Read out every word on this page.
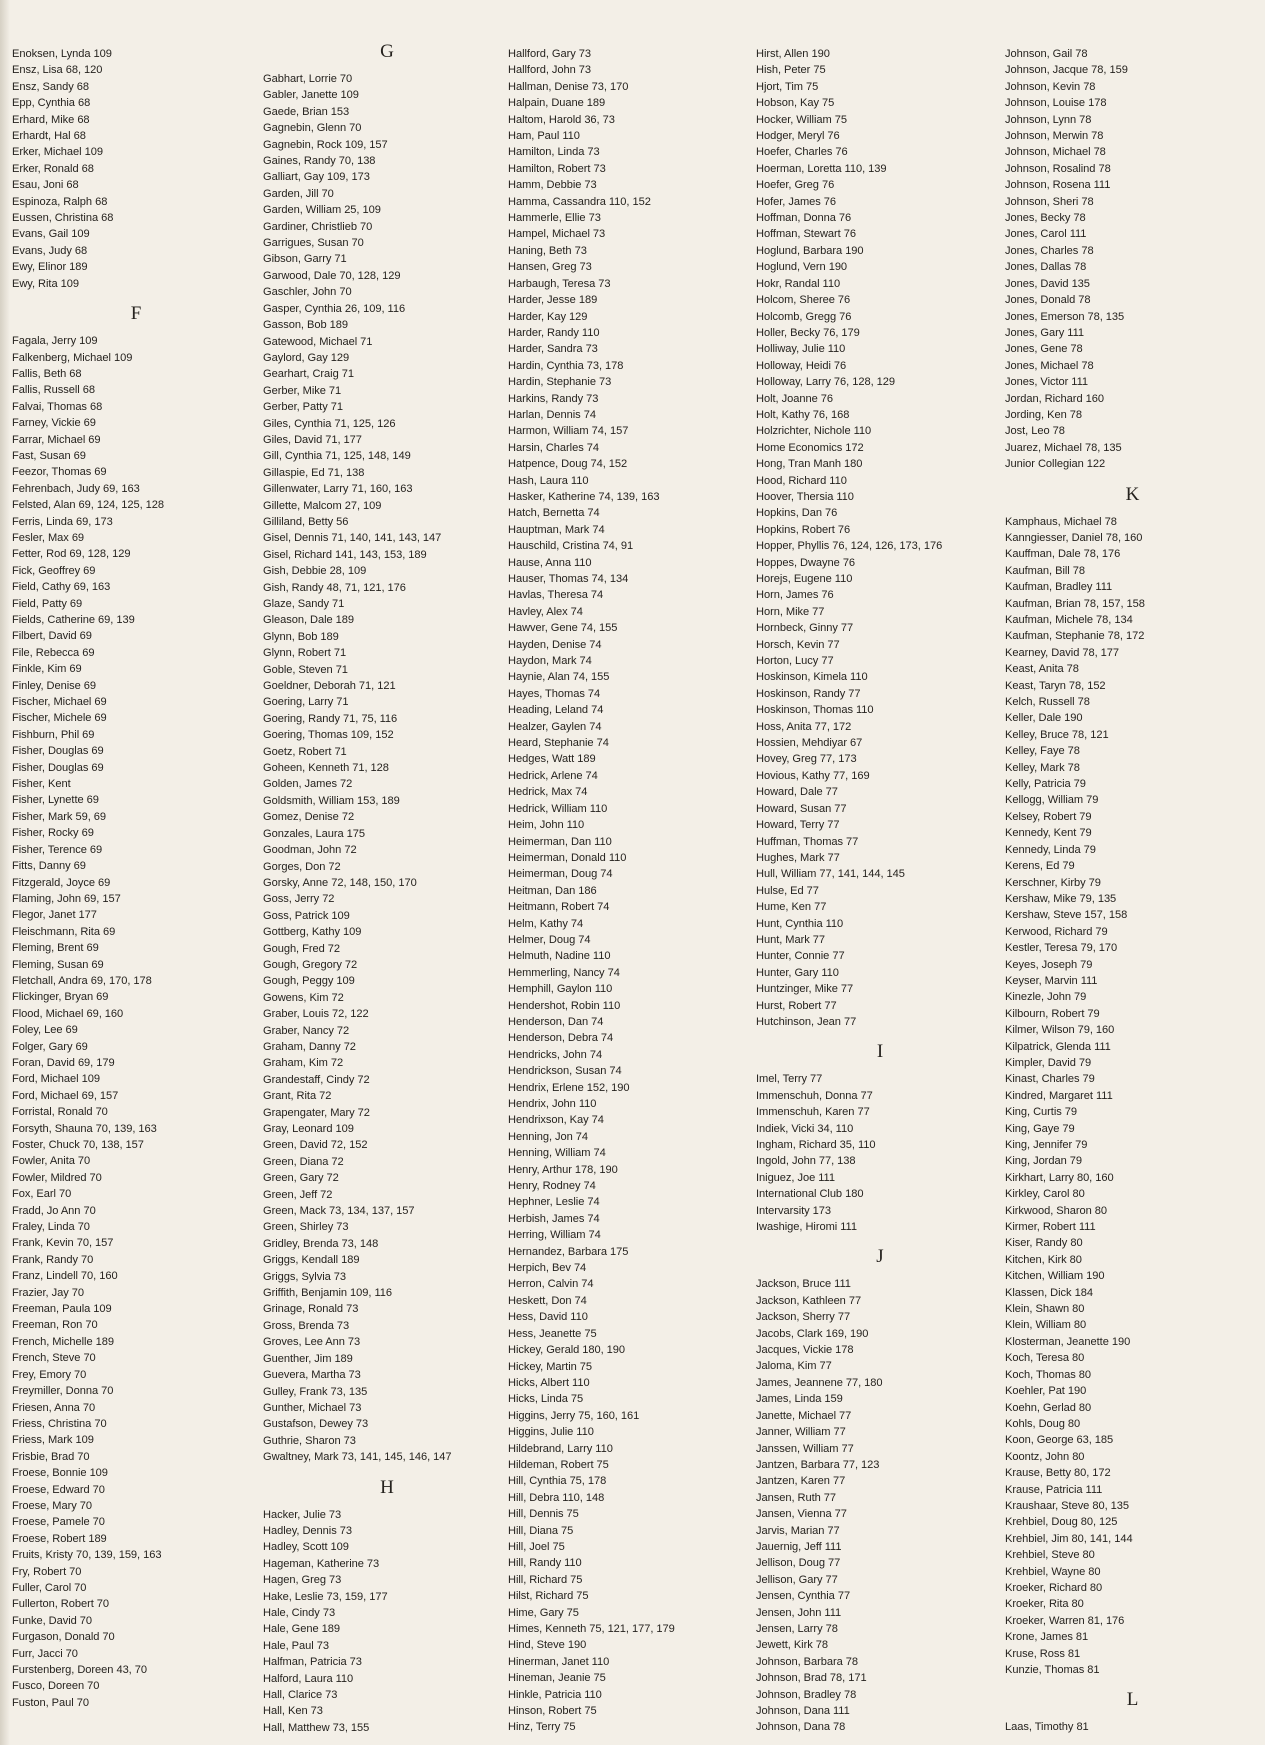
Enoksen, Lynda 109
Ensz, Lisa 68, 120
Ensz, Sandy 68
Epp, Cynthia 68
Erhard, Mike 68
Erhardt, Hal 68
Erker, Michael 109
Erker, Ronald 68
Esau, Joni 68
Espinoza, Ralph 68
Eussen, Christina 68
Evans, Gail 109
Evans, Judy 68
Ewy, Elinor 189
Ewy, Rita 109
F
Fagala, Jerry 109
Falkenberg, Michael 109
Fallis, Beth 68
Fallis, Russell 68
Falvai, Thomas 68
Farney, Vickie 69
Farrar, Michael 69
Fast, Susan 69
Feezor, Thomas 69
Fehrenbach, Judy 69, 163
Felsted, Alan 69, 124, 125, 128
Ferris, Linda 69, 173
Fesler, Max 69
Fetter, Rod 69, 128, 129
Fick, Geoffrey 69
Field, Cathy 69, 163
Field, Patty 69
Fields, Catherine 69, 139
Filbert, David 69
File, Rebecca 69
Finkle, Kim 69
Finley, Denise 69
Fischer, Michael 69
Fischer, Michele 69
Fishburn, Phil 69
Fisher, Douglas 69
Fisher, Douglas 69
Fisher, Kent
Fisher, Lynette 69
Fisher, Mark 59, 69
Fisher, Rocky 69
Fisher, Terence 69
Fitts, Danny 69
Fitzgerald, Joyce 69
Flaming, John 69, 157
Flegor, Janet 177
Fleischmann, Rita 69
Fleming, Brent 69
Fleming, Susan 69
Fletchall, Andra 69, 170, 178
Flickinger, Bryan 69
Flood, Michael 69, 160
Foley, Lee 69
Folger, Gary 69
Foran, David 69, 179
Ford, Michael 109
Ford, Michael 69, 157
Forristal, Ronald 70
Forsyth, Shauna 70, 139, 163
Foster, Chuck 70, 138, 157
Fowler, Anita 70
Fowler, Mildred 70
Fox, Earl 70
Fradd, Jo Ann 70
Fraley, Linda 70
Frank, Kevin 70, 157
Frank, Randy 70
Franz, Lindell 70, 160
Frazier, Jay 70
Freeman, Paula 109
Freeman, Ron 70
French, Michelle 189
French, Steve 70
Frey, Emory 70
Freymiller, Donna 70
Friesen, Anna 70
Friess, Christina 70
Friess, Mark 109
Frisbie, Brad 70
Froese, Bonnie 109
Froese, Edward 70
Froese, Mary 70
Froese, Pamele 70
Froese, Robert 189
Fruits, Kristy 70, 139, 159, 163
Fry, Robert 70
Fuller, Carol 70
Fullerton, Robert 70
Funke, David 70
Furgason, Donald 70
Furr, Jacci 70
Furstenberg, Doreen 43, 70
Fusco, Doreen 70
Fuston, Paul 70
G
Gabhart, Lorrie 70
Gabler, Janette 109
Gaede, Brian 153
Gagnebin, Glenn 70
Gagnebin, Rock 109, 157
Gaines, Randy 70, 138
Galliart, Gay 109, 173
Garden, Jill 70
Garden, William 25, 109
Gardiner, Christlieb 70
Garrigues, Susan 70
Gibson, Garry 71
Garwood, Dale 70, 128, 129
Gaschler, John 70
Gasper, Cynthia 26, 109, 116
Gasson, Bob 189
Gatewood, Michael 71
Gaylord, Gay 129
Gearhart, Craig 71
Gerber, Mike 71
Gerber, Patty 71
Giles, Cynthia 71, 125, 126
Giles, David 71, 177
Gill, Cynthia 71, 125, 148, 149
Gillaspie, Ed 71, 138
Gillenwater, Larry 71, 160, 163
Gillette, Malcom 27, 109
Gilliland, Betty 56
Gisel, Dennis 71, 140, 141, 143, 147
Gisel, Richard 141, 143, 153, 189
Gish, Debbie 28, 109
Gish, Randy 48, 71, 121, 176
Glaze, Sandy 71
Gleason, Dale 189
Glynn, Bob 189
Glynn, Robert 71
Goble, Steven 71
Goeldner, Deborah 71, 121
Goering, Larry 71
Goering, Randy 71, 75, 116
Goering, Thomas 109, 152
Goetz, Robert 71
Goheen, Kenneth 71, 128
Golden, James 72
Goldsmith, William 153, 189
Gomez, Denise 72
Gonzales, Laura 175
Goodman, John 72
Gorges, Don 72
Gorsky, Anne 72, 148, 150, 170
Goss, Jerry 72
Goss, Patrick 109
Gottberg, Kathy 109
Gough, Fred 72
Gough, Gregory 72
Gough, Peggy 109
Gowens, Kim 72
Graber, Louis 72, 122
Graber, Nancy 72
Graham, Danny 72
Graham, Kim 72
Grandestaff, Cindy 72
Grant, Rita 72
Grapengater, Mary 72
Gray, Leonard 109
Green, David 72, 152
Green, Diana 72
Green, Gary 72
Green, Jeff 72
Green, Mack 73, 134, 137, 157
Green, Shirley 73
Gridley, Brenda 73, 148
Griggs, Kendall 189
Griggs, Sylvia 73
Griffith, Benjamin 109, 116
Grinage, Ronald 73
Gross, Brenda 73
Groves, Lee Ann 73
Guenther, Jim 189
Guevera, Martha 73
Gulley, Frank 73, 135
Gunther, Michael 73
Gustafson, Dewey 73
Guthrie, Sharon 73
Gwaltney, Mark 73, 141, 145, 146, 147
H
Hacker, Julie 73
Hadley, Dennis 73
Hadley, Scott 109
Hageman, Katherine 73
Hagen, Greg 73
Hake, Leslie 73, 159, 177
Hale, Cindy 73
Hale, Gene 189
Hale, Paul 73
Halfman, Patricia 73
Halford, Laura 110
Hall, Clarice 73
Hall, Ken 73
Hall, Matthew 73, 155
Hallford, Gary 73
Hallford, John 73
Hallman, Denise 73, 170
Halpain, Duane 189
Haltom, Harold 36, 73
Ham, Paul 110
Hamilton, Linda 73
Hamilton, Robert 73
Hamm, Debbie 73
Hamma, Cassandra 110, 152
Hammerle, Ellie 73
Hampel, Michael 73
Haning, Beth 73
Hansen, Greg 73
Harbaugh, Teresa 73
Harder, Jesse 189
Harder, Kay 129
Harder, Randy 110
Harder, Sandra 73
Hardin, Cynthia 73, 178
Hardin, Stephanie 73
Harkins, Randy 73
Harlan, Dennis 74
Harmon, William 74, 157
Harsin, Charles 74
Hatpence, Doug 74, 152
Hash, Laura 110
Hasker, Katherine 74, 139, 163
Hatch, Bernetta 74
Hauptman, Mark 74
Hauschild, Cristina 74, 91
Hause, Anna 110
Hauser, Thomas 74, 134
Havlas, Theresa 74
Havley, Alex 74
Hawver, Gene 74, 155
Hayden, Denise 74
Haydon, Mark 74
Haynie, Alan 74, 155
Hayes, Thomas 74
Heading, Leland 74
Healzer, Gaylen 74
Heard, Stephanie 74
Hedges, Watt 189
Hedrick, Arlene 74
Hedrick, Max 74
Hedrick, William 110
Heim, John 110
Heimerman, Dan 110
Heimerman, Donald 110
Heimerman, Doug 74
Heitman, Dan 186
Heitmann, Robert 74
Helm, Kathy 74
Helmer, Doug 74
Helmuth, Nadine 110
Hemmerling, Nancy 74
Hemphill, Gaylon 110
Hendershot, Robin 110
Henderson, Dan 74
Henderson, Debra 74
Hendricks, John 74
Hendrickson, Susan 74
Hendrix, Erlene 152, 190
Hendrix, John 110
Hendrixson, Kay 74
Henning, Jon 74
Henning, William 74
Henry, Arthur 178, 190
Henry, Rodney 74
Hephner, Leslie 74
Herbish, James 74
Herring, William 74
Hernandez, Barbara 175
Herpich, Bev 74
Herron, Calvin 74
Heskett, Don 74
Hess, David 110
Hess, Jeanette 75
Hickey, Gerald 180, 190
Hickey, Martin 75
Hicks, Albert 110
Hicks, Linda 75
Higgins, Jerry 75, 160, 161
Higgins, Julie 110
Hildebrand, Larry 110
Hildeman, Robert 75
Hill, Cynthia 75, 178
Hill, Debra 110, 148
Hill, Dennis 75
Hill, Diana 75
Hill, Joel 75
Hill, Randy 110
Hill, Richard 75
Hilst, Richard 75
Hime, Gary 75
Himes, Kenneth 75, 121, 177, 179
Hind, Steve 190
Hinerman, Janet 110
Hineman, Jeanie 75
Hinkle, Patricia 110
Hinson, Robert 75
Hinz, Terry 75
Hirst, Allen 190
Hish, Peter 75
Hjort, Tim 75
Hobson, Kay 75
Hocker, William 75
Hodger, Meryl 76
Hoefer, Charles 76
Hoerman, Loretta 110, 139
Hoefer, Greg 76
Hofer, James 76
Hoffman, Donna 76
Hoffman, Stewart 76
Hoglund, Barbara 190
Hoglund, Vern 190
Hokr, Randal 110
Holcom, Sheree 76
Holcomb, Gregg 76
Holler, Becky 76, 179
Holliway, Julie 110
Holloway, Heidi 76
Holloway, Larry 76, 128, 129
Holt, Joanne 76
Holt, Kathy 76, 168
Holzrichter, Nichole 110
Home Economics 172
Hong, Tran Manh 180
Hood, Richard 110
Hoover, Thersia 110
Hopkins, Dan 76
Hopkins, Robert 76
Hopper, Phyllis 76, 124, 126, 173, 176
Hoppes, Dwayne 76
Horejs, Eugene 110
Horn, James 76
Horn, Mike 77
Hornbeck, Ginny 77
Horsch, Kevin 77
Horton, Lucy 77
Hoskinson, Kimela 110
Hoskinson, Randy 77
Hoskinson, Thomas 110
Hoss, Anita 77, 172
Hossien, Mehdiyar 67
Hovey, Greg 77, 173
Hovious, Kathy 77, 169
Howard, Dale 77
Howard, Susan 77
Howard, Terry 77
Huffman, Thomas 77
Hughes, Mark 77
Hull, William 77, 141, 144, 145
Hulse, Ed 77
Hume, Ken 77
Hunt, Cynthia 110
Hunt, Mark 77
Hunter, Connie 77
Hunter, Gary 110
Huntzinger, Mike 77
Hurst, Robert 77
Hutchinson, Jean 77
I
Imel, Terry 77
Immenschuh, Donna 77
Immenschuh, Karen 77
Indiek, Vicki 34, 110
Ingham, Richard 35, 110
Ingold, John 77, 138
Iniguez, Joe 111
International Club 180
Intervarsity 173
Iwashige, Hiromi 111
J
Jackson, Bruce 111
Jackson, Kathleen 77
Jackson, Sherry 77
Jacobs, Clark 169, 190
Jacques, Vickie 178
Jaloma, Kim 77
James, Jeannene 77, 180
James, Linda 159
Janette, Michael 77
Janner, William 77
Janssen, William 77
Jantzen, Barbara 77, 123
Jantzen, Karen 77
Jansen, Ruth 77
Jansen, Vienna 77
Jarvis, Marian 77
Jauernig, Jeff 111
Jellison, Doug 77
Jellison, Gary 77
Jensen, Cynthia 77
Jensen, John 111
Jensen, Larry 78
Jewett, Kirk 78
Johnson, Barbara 78
Johnson, Brad 78, 171
Johnson, Bradley 78
Johnson, Dana 111
Johnson, Dana 78
Johnson, Gail 78
Johnson, Jacque 78, 159
Johnson, Kevin 78
Johnson, Louise 178
Johnson, Lynn 78
Johnson, Merwin 78
Johnson, Michael 78
Johnson, Rosalind 78
Johnson, Rosena 111
Johnson, Sheri 78
Jones, Becky 78
Jones, Carol 111
Jones, Charles 78
Jones, Dallas 78
Jones, David 135
Jones, Donald 78
Jones, Emerson 78, 135
Jones, Gary 111
Jones, Gene 78
Jones, Michael 78
Jones, Victor 111
Jordan, Richard 160
Jording, Ken 78
Jost, Leo 78
Juarez, Michael 78, 135
Junior Collegian 122
K
Kamphaus, Michael 78
Kanngiesser, Daniel 78, 160
Kauffman, Dale 78, 176
Kaufman, Bill 78
Kaufman, Bradley 111
Kaufman, Brian 78, 157, 158
Kaufman, Michele 78, 134
Kaufman, Stephanie 78, 172
Kearney, David 78, 177
Keast, Anita 78
Keast, Taryn 78, 152
Kelch, Russell 78
Keller, Dale 190
Kelley, Bruce 78, 121
Kelley, Faye 78
Kelley, Mark 78
Kelly, Patricia 79
Kellogg, William 79
Kelsey, Robert 79
Kennedy, Kent 79
Kennedy, Linda 79
Kerens, Ed 79
Kerschner, Kirby 79
Kershaw, Mike 79, 135
Kershaw, Steve 157, 158
Kerwood, Richard 79
Kestler, Teresa 79, 170
Keyes, Joseph 79
Keyser, Marvin 111
Kinezle, John 79
Kilbourn, Robert 79
Kilmer, Wilson 79, 160
Kilpatrick, Glenda 111
Kimpler, David 79
Kinast, Charles 79
Kindred, Margaret 111
King, Curtis 79
King, Gaye 79
King, Jennifer 79
King, Jordan 79
Kirkhart, Larry 80, 160
Kirkley, Carol 80
Kirkwood, Sharon 80
Kirmer, Robert 111
Kiser, Randy 80
Kitchen, Kirk 80
Kitchen, William 190
Klassen, Dick 184
Klein, Shawn 80
Klein, William 80
Klosterman, Jeanette 190
Koch, Teresa 80
Koch, Thomas 80
Koehler, Pat 190
Koehn, Gerlad 80
Kohls, Doug 80
Koon, George 63, 185
Koontz, John 80
Krause, Betty 80, 172
Krause, Patricia 111
Kraushaar, Steve 80, 135
Krehbiel, Doug 80, 125
Krehbiel, Jim 80, 141, 144
Krehbiel, Steve 80
Krehbiel, Wayne 80
Kroeker, Richard 80
Kroeker, Rita 80
Kroeker, Warren 81, 176
Krone, James 81
Kruse, Ross 81
Kunzie, Thomas 81
L
Laas, Timothy 81
